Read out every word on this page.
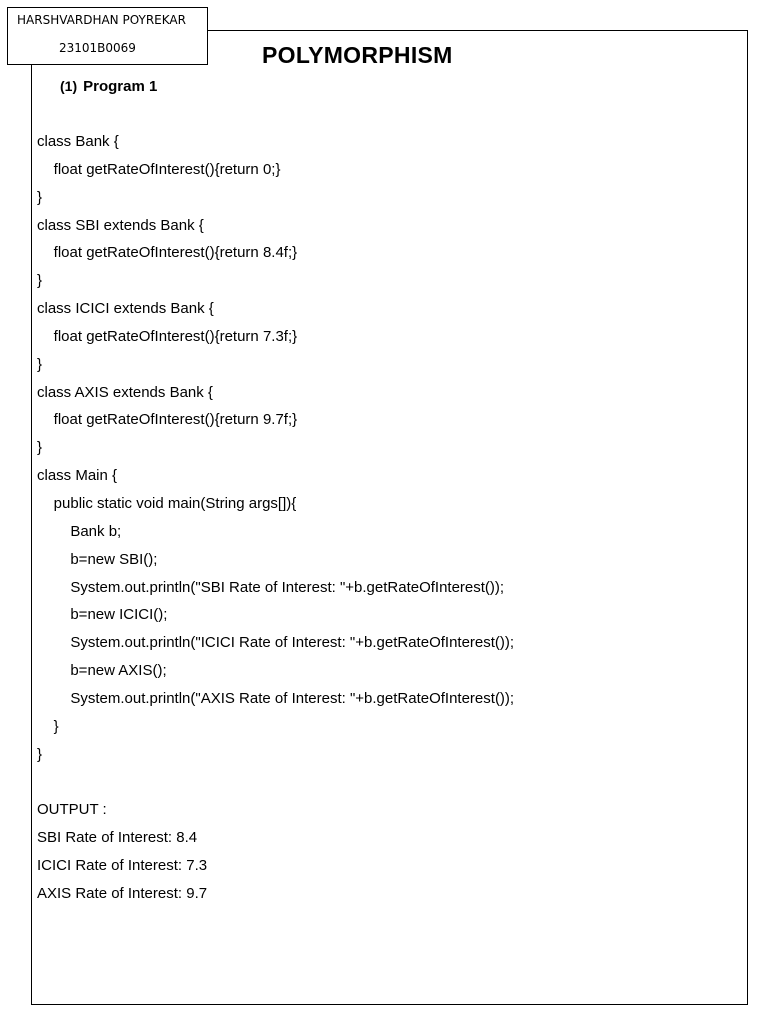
HARSHVARDHAN POYREKAR
23101B0069	POLYMORPHISM
(1) Program 1
class Bank {
float getRateOfInterest(){return 0;}
}
class SBI extends Bank {
float getRateOfInterest(){return 8.4f;}
}
class ICICI extends Bank {
float getRateOfInterest(){return 7.3f;}
}
class AXIS extends Bank {
float getRateOfInterest(){return 9.7f;}
}
class Main {
public static void main(String args[]){
Bank b;
b=new SBI();
System.out.println("SBI Rate of Interest: "+b.getRateOfInterest());
b=new ICICI();
System.out.println("ICICI Rate of Interest: "+b.getRateOfInterest());
b=new AXIS();
System.out.println("AXIS Rate of Interest: "+b.getRateOfInterest());
}
}
OUTPUT :
SBI Rate of Interest: 8.4
ICICI Rate of Interest: 7.3
AXIS Rate of Interest: 9.7
